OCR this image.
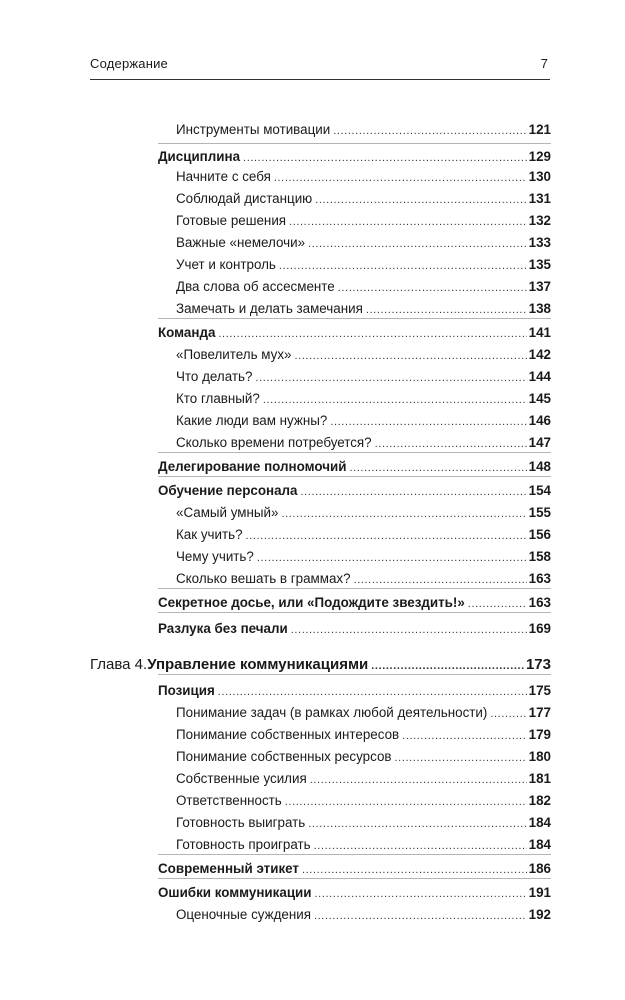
Содержание	7
Инструменты мотивации .....	121
Дисциплина .....	129
Начните с себя .....	130
Соблюдай дистанцию .....	131
Готовые решения .....	132
Важные «немелочи» .....	133
Учет и контроль .....	135
Два слова об ассесменте .....	137
Замечать и делать замечания .....	138
Команда .....	141
«Повелитель мух» .....	142
Что делать? .....	144
Кто главный? .....	145
Какие люди вам нужны? .....	146
Сколько времени потребуется? .....	147
Делегирование полномочий .....	148
Обучение персонала .....	154
«Самый умный» .....	155
Как учить? .....	156
Чему учить? .....	158
Сколько вешать в граммах? .....	163
Секретное досье, или «Подождите звездить!» .....	163
Разлука без печали .....	169
Глава 4. Управление коммуникациями .....	173
Позиция .....	175
Понимание задач (в рамках любой деятельности) .....	177
Понимание собственных интересов .....	179
Понимание собственных ресурсов .....	180
Собственные усилия .....	181
Ответственность .....	182
Готовность выиграть .....	184
Готовность проиграть .....	184
Современный этикет .....	186
Ошибки коммуникации .....	191
Оценочные суждения .....	192
